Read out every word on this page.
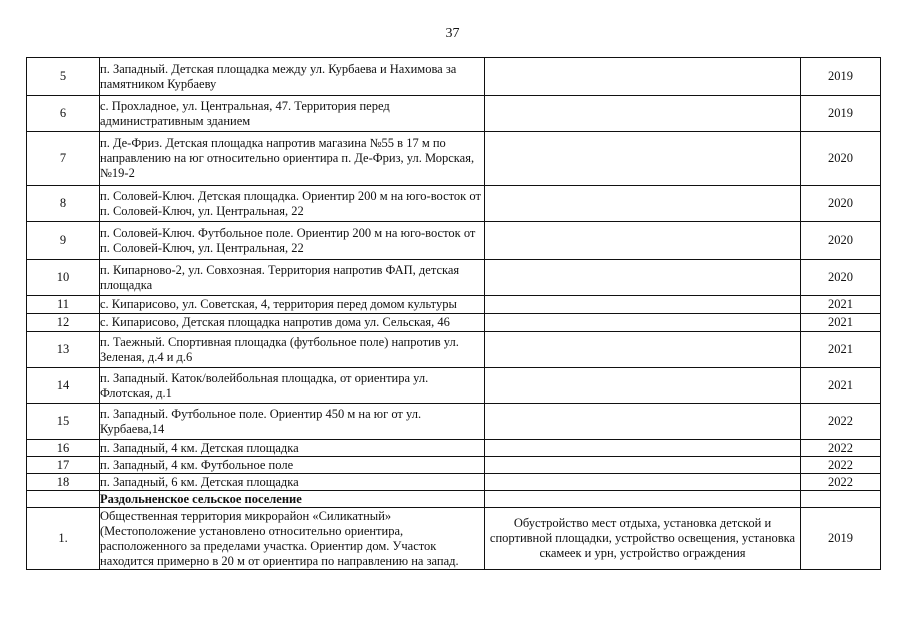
37
5	п. Западный. Детская площадка между ул. Курбаева и Нахимова за памятником Курбаеву		2019
6	с. Прохладное, ул. Центральная, 47. Территория перед административным зданием		2019
7	п. Де-Фриз. Детская площадка напротив магазина №55 в 17 м по направлению на юг относительно ориентира п. Де-Фриз, ул. Морская, №19-2		2020
8	п. Соловей-Ключ. Детская площадка. Ориентир 200 м на юго-восток от п. Соловей-Ключ, ул. Центральная, 22		2020
9	п. Соловей-Ключ. Футбольное поле. Ориентир 200 м на юго-восток от п. Соловей-Ключ, ул. Центральная, 22		2020
10	п. Кипарново-2, ул. Совхозная. Территория напротив ФАП, детская площадка		2020
11	с. Кипарисово, ул. Советская, 4, территория перед домом культуры		2021
12	с. Кипарисово, Детская площадка напротив дома ул. Сельская, 46		2021
13	п. Таежный. Спортивная площадка (футбольное поле) напротив ул. Зеленая, д.4 и д.6		2021
14	п. Западный. Каток/волейбольная площадка, от ориентира ул. Флотская, д.1		2021
15	п. Западный. Футбольное поле. Ориентир 450 м на юг от ул. Курбаева,14		2022
16	п. Западный, 4 км. Детская площадка		2022
17	п. Западный, 4 км. Футбольное поле		2022
18	п. Западный, 6 км. Детская площадка		2022
	Раздольненское сельское поселение		
1.	Общественная территория микрорайон «Силикатный» (Местоположение установлено относительно ориентира, расположенного за пределами участка. Ориентир дом. Участок находится примерно в 20 м от ориентира по направлению на запад.	Обустройство мест отдыха, установка детской и спортивной площадки, устройство освещения, установка скамеек и урн, устройство ограждения	2019
